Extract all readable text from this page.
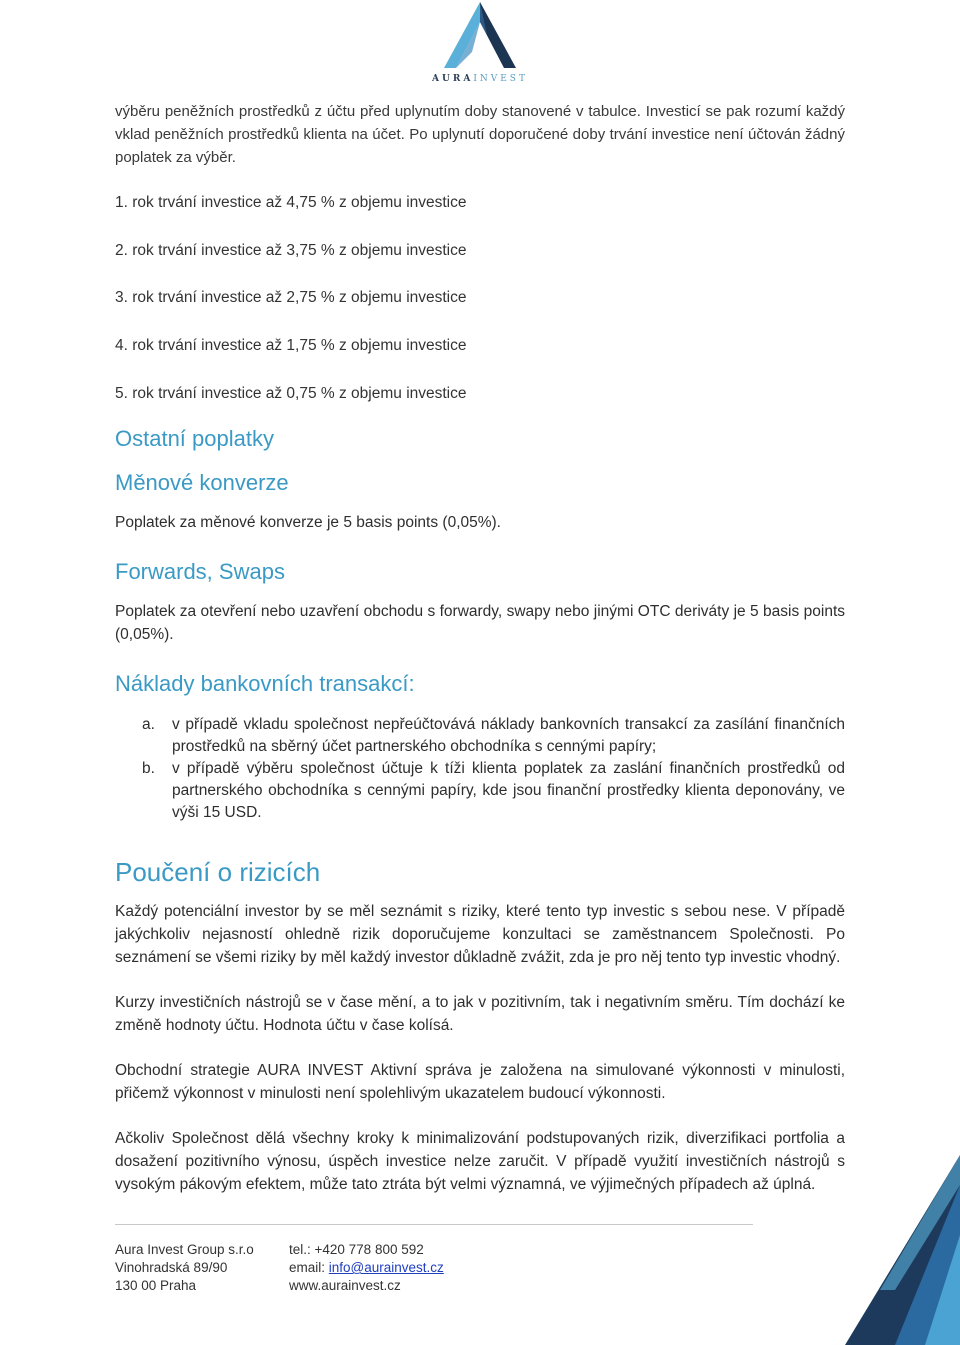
AURAINVEST

výběru peněžních prostředků z účtu před uplynutím doby stanovené v tabulce. Investicí se pak rozumí každý vklad peněžních prostředků klienta na účet. Po uplynutí doporučené doby trvání investice není účtován žádný poplatek za výběr.

1. rok trvání investice až 4,75 % z objemu investice
2. rok trvání investice až 3,75 % z objemu investice
3. rok trvání investice až 2,75 % z objemu investice
4. rok trvání investice až 1,75 % z objemu investice
5. rok trvání investice až 0,75 % z objemu investice
Ostatní poplatky
Měnové konverze

Poplatek za měnové konverze je 5 basis points (0,05%).

Forwards, Swaps

Poplatek za otevření nebo uzavření obchodu s forwardy, swapy nebo jinými OTC deriváty je 5 basis points (0,05%).

Náklady bankovních transakcí:
a. v případě vkladu společnost nepřeúčtovává náklady bankovních transakcí za zasílání finančních prostředků na sběrný účet partnerského obchodníka s cennými papíry;
b. v případě výběru společnost účtuje k tíži klienta poplatek za zaslání finančních prostředků od partnerského obchodníka s cennými papíry, kde jsou finanční prostředky klienta deponovány, ve výši 15 USD.
Poučení o rizicích

Každý potenciální investor by se měl seznámit s riziky, které tento typ investic s sebou nese. V případě jakýchkoliv nejasností ohledně rizik doporučujeme konzultaci se zaměstnancem Společnosti. Po seznámení se všemi riziky by měl každý investor důkladně zvážit, zda je pro něj tento typ investic vhodný.

Kurzy investičních nástrojů se v čase mění, a to jak v pozitivním, tak i negativním směru. Tím dochází ke změně hodnoty účtu. Hodnota účtu v čase kolísá.

Obchodní strategie AURA INVEST Aktivní správa je založena na simulované výkonnosti v minulosti, přičemž výkonnost v minulosti není spolehlivým ukazatelem budoucí výkonnosti.

Ačkoliv Společnost dělá všechny kroky k minimalizování podstupovaných rizik, diverzifikaci portfolia a dosažení pozitivního výnosu, úspěch investice nelze zaručit. V případě využití investičních nástrojů s vysokým pákovým efektem, může tato ztráta být velmi významná, ve výjimečných případech až úplná.

Aura Invest Group s.r.o
Vinohradská 89/90
130 00 Praha
tel.: +420 778 800 592
email: info@aurainvest.cz
www.aurainvest.cz
